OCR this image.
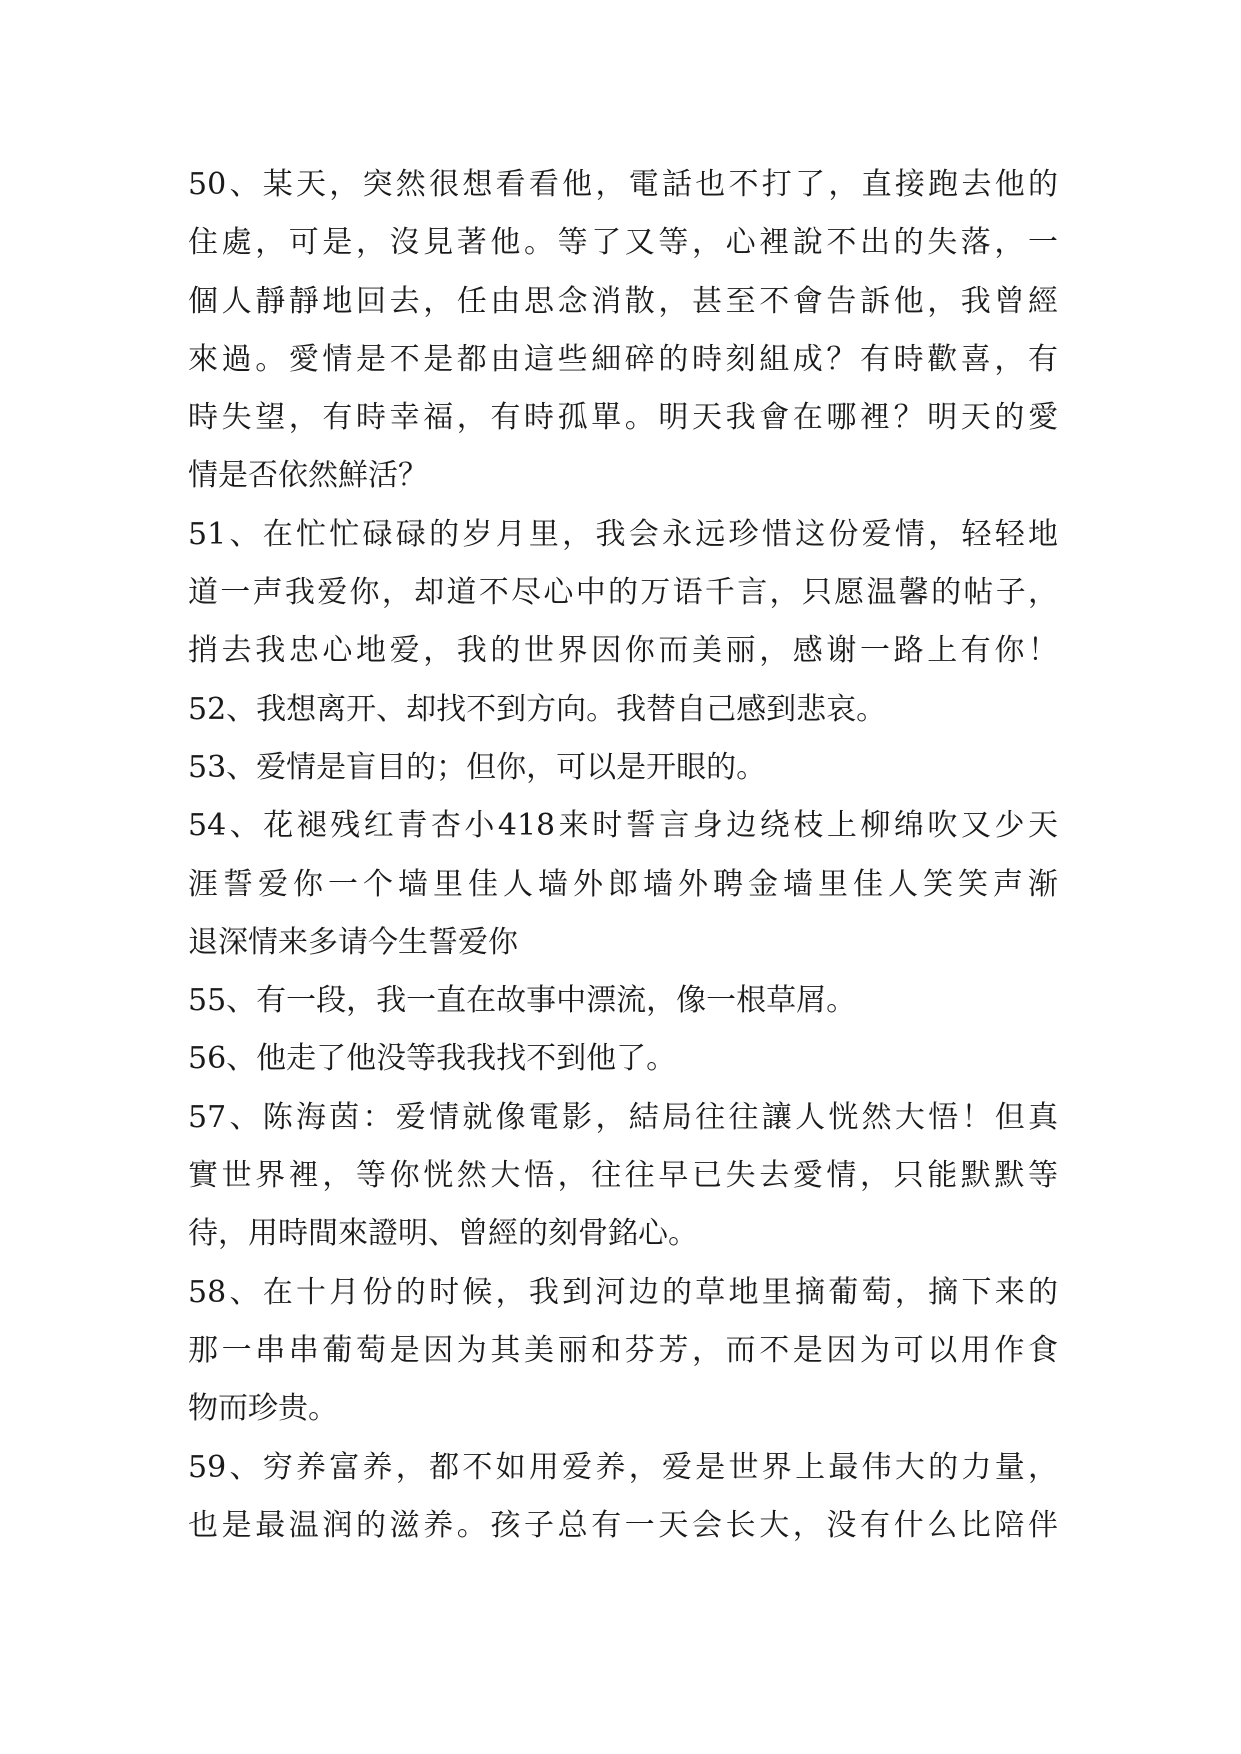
50、某天，突然很想看看他，電話也不打了，直接跑去他的
住處，可是，沒見著他。等了又等，心裡說不出的失落，一
個人靜靜地回去，任由思念消散，甚至不會告訴他，我曾經
來過。愛情是不是都由這些細碎的時刻組成？有時歡喜，有
時失望，有時幸福，有時孤單。明天我會在哪裡？明天的愛
情是否依然鮮活？
51、在忙忙碌碌的岁月里，我会永远珍惜这份爱情，轻轻地
道一声我爱你，却道不尽心中的万语千言，只愿温馨的帖子，
捎去我忠心地爱，我的世界因你而美丽，感谢一路上有你！
52、我想离开、却找不到方向。我替自己感到悲哀。
53、爱情是盲目的；但你，可以是开眼的。
54、花褪残红青杏小418来时誓言身边绕枝上柳绵吹又少天
涯誓爱你一个墙里佳人墙外郎墙外聘金墙里佳人笑笑声渐
退深情来多请今生誓爱你
55、有一段，我一直在故事中漂流，像一根草屑。
56、他走了他没等我我找不到他了。
57、陈海茵：爱情就像電影，結局往往讓人恍然大悟！但真
實世界裡，等你恍然大悟，往往早已失去愛情，只能默默等
待，用時間來證明、曾經的刻骨銘心。
58、在十月份的时候，我到河边的草地里摘葡萄，摘下来的
那一串串葡萄是因为其美丽和芬芳，而不是因为可以用作食
物而珍贵。
59、穷养富养，都不如用爱养，爱是世界上最伟大的力量，
也是最温润的滋养。孩子总有一天会长大，没有什么比陪伴
